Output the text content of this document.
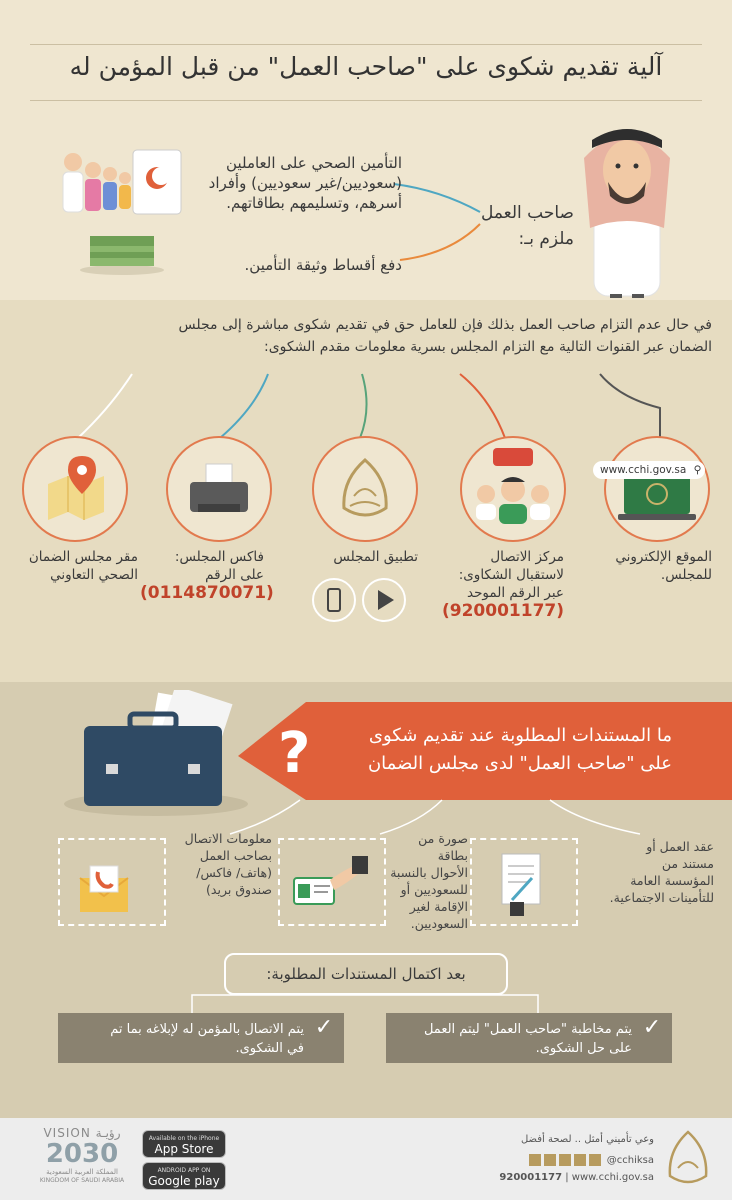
آلية تقديم شكوى على "صاحب العمل" من قبل المؤمن له
صاحب العمل
ملزم بـ:
التأمين الصحي على العاملين
(سعوديين/غير سعوديين) وأفراد
أسرهم، وتسليمهم بطاقاتهم.
دفع أقساط وثيقة التأمين.
في حال عدم التزام صاحب العمل بذلك فإن للعامل حق في تقديم شكوى مباشرة إلى مجلس
الضمان عبر القنوات التالية مع التزام المجلس بسرية معلومات مقدم الشكوى:
www.cchi.gov.sa ⚲
الموقع الإلكتروني
للمجلس.
مركز الاتصال
لاستقبال الشكاوى:
عبر الرقم الموحد
(920001177)
تطبيق المجلس
فاكس المجلس:
على الرقم
(0114870071)
مقر مجلس الضمان
الصحي التعاوني
?	ما المستندات المطلوبة عند تقديم شكوى
على "صاحب العمل" لدى مجلس الضمان
عقد العمل أو
مستند من
المؤسسة العامة
للتأمينات الاجتماعية.
صورة من بطاقة
الأحوال بالنسبة
للسعوديين أو
الإقامة لغير
السعوديين.
معلومات الاتصال
بصاحب العمل
(هاتف/ فاكس/
صندوق بريد)
بعد اكتمال المستندات المطلوبة:
يتم مخاطبة "صاحب العمل" ليتم العمل
على حل الشكوى.
✓
يتم الاتصال بالمؤمن له لإبلاغه بما تم
في الشكوى.
✓
وعي تأميني أمثل .. لصحة أفضل
@cchiksa
920001177 | www.cchi.gov.sa
Available on the iPhone
App Store
ANDROID APP ON
Google play
VISION رؤيـة
2030
المملكة العربية السعودية
KINGDOM OF SAUDI ARABIA
